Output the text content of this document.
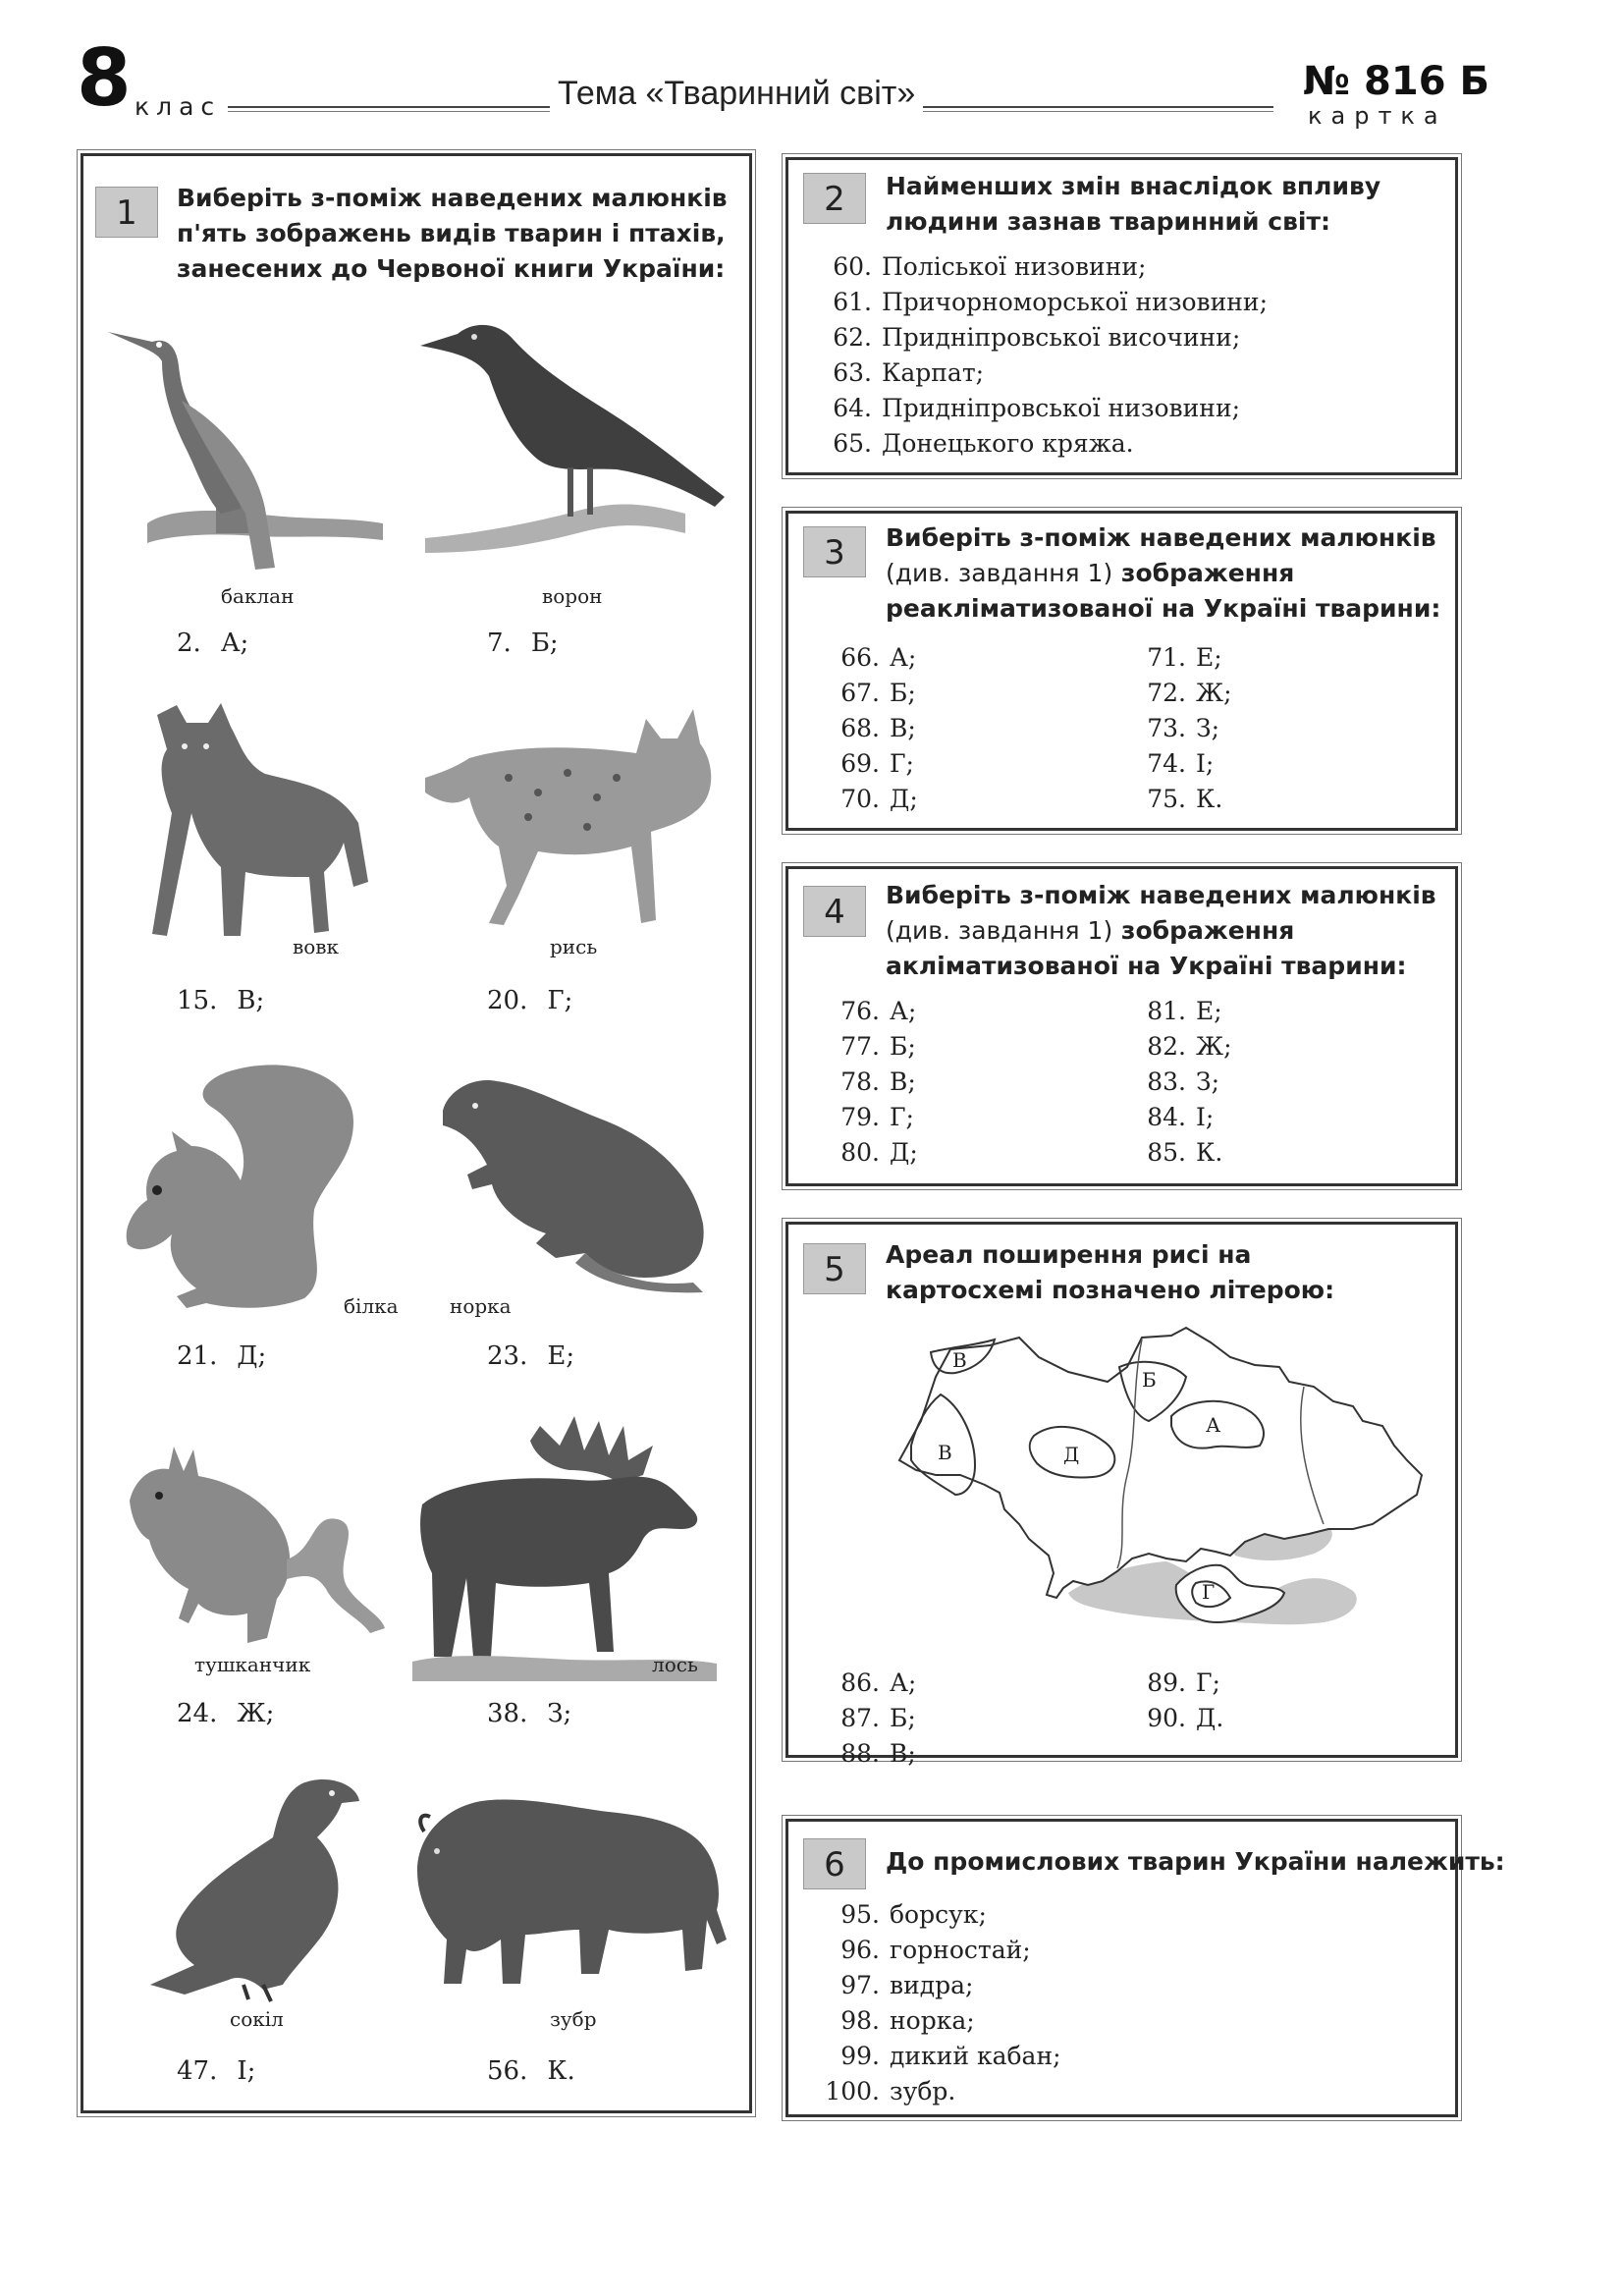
8 клас	Тема «Тваринний світ»	№ 816 Б
картка
1	Виберіть з-поміж наведених малюнків п'ять зображень видів тварин і птахів, занесених до Червоної книги України:
баклан
2. А;
ворон
7. Б;
вовк
15. В;
рись
20. Г;
білка
21. Д;
норка
23. Е;
тушканчик
24. Ж;
лось
38. З;
сокіл
47. І;
зубр
56. К.
2	Найменших змін внаслідок впливу людини зазнав тваринний світ:
60. Поліської низовини;
61. Причорноморської низовини;
62. Придніпровської височини;
63. Карпат;
64. Придніпровської низовини;
65. Донецького кряжа.
3	Виберіть з-поміж наведених малюнків (див. завдання 1) зображення реакліматизованої на Україні тварини:
66. А;
67. Б;
68. В;
69. Г;
70. Д;
71. Е;
72. Ж;
73. З;
74. І;
75. К.
4	Виберіть з-поміж наведених малюнків (див. завдання 1) зображення акліматизованої на Україні тварини:
76. А;
77. Б;
78. В;
79. Г;
80. Д;
81. Е;
82. Ж;
83. З;
84. І;
85. К.
5	Ареал поширення рисі на картосхемі позначено літерою:
В
В	Д
Б
А
Г
86. А;
87. Б;
88. В;
89. Г;
90. Д.
6	До промислових тварин України належить:
95. борсук;
96. горностай;
97. видра;
98. норка;
99. дикий кабан;
100. зубр.
